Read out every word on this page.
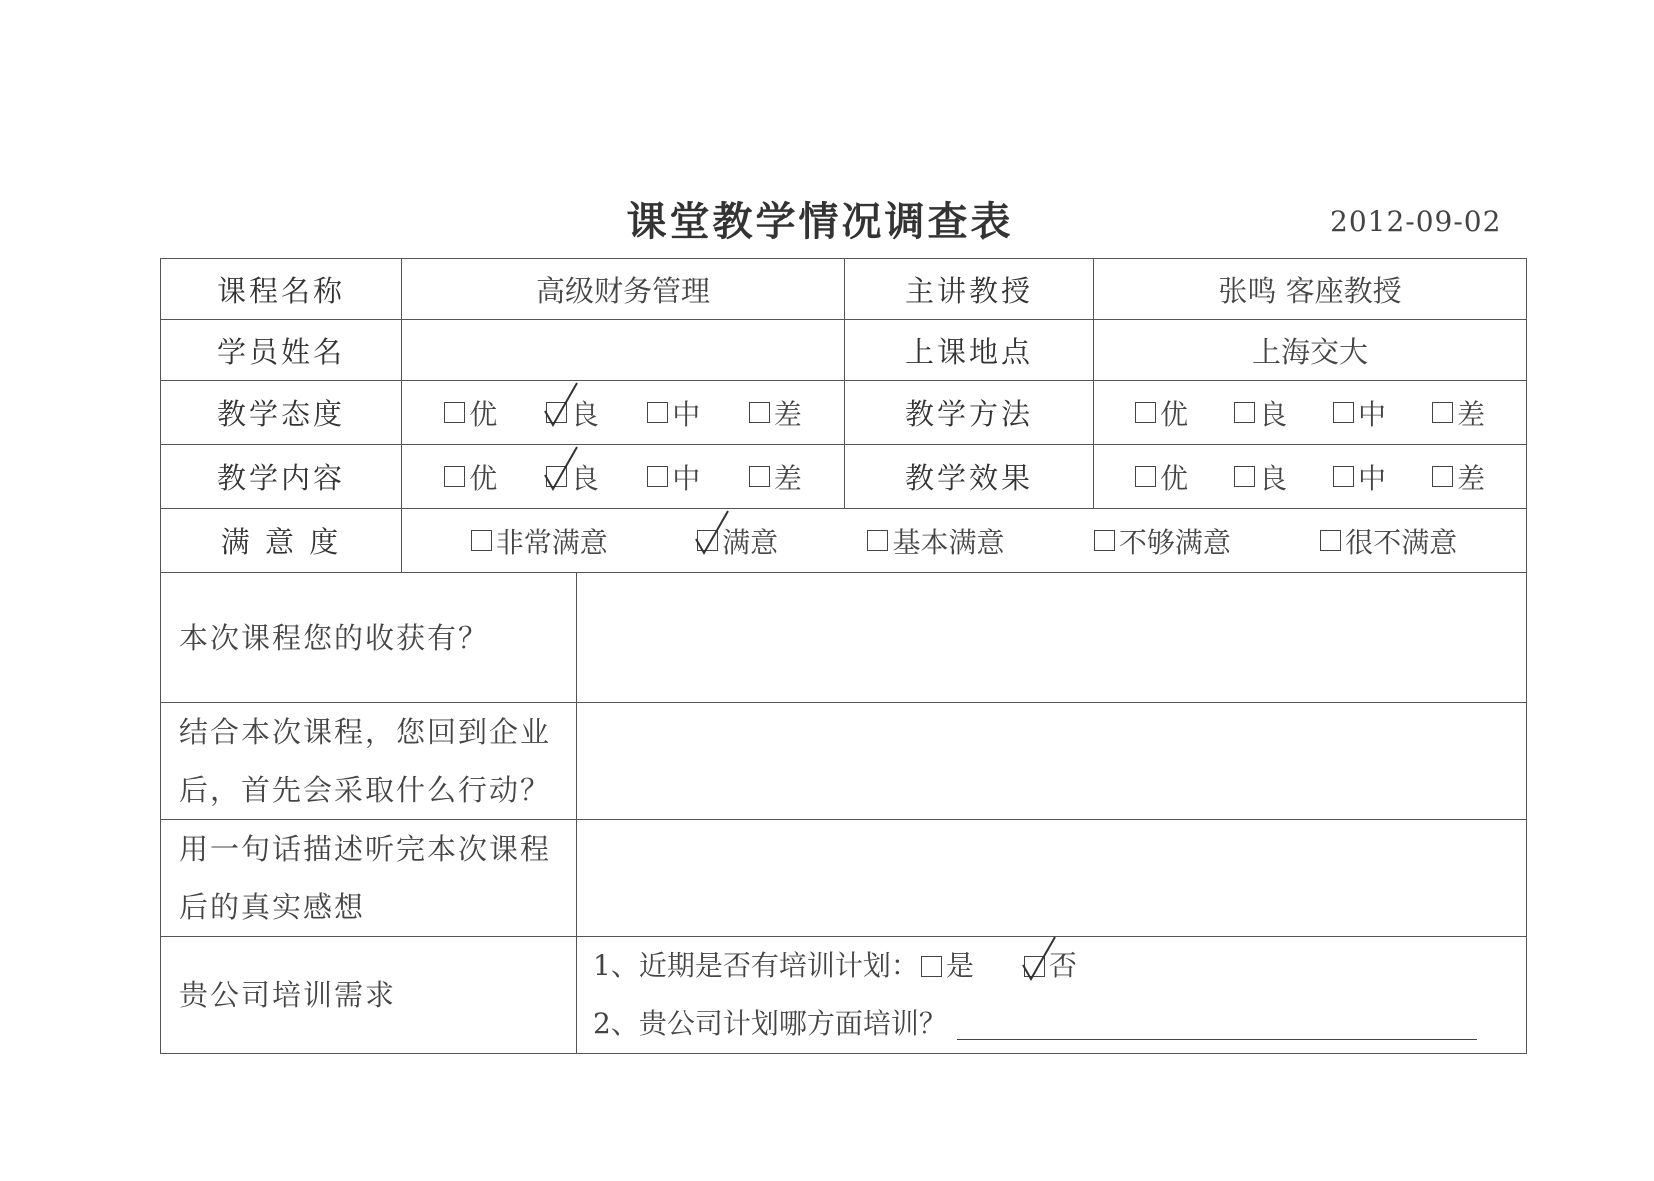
课堂教学情况调查表	2012-09-02
课程名称	高级财务管理		主讲教授	张鸣 客座教授
学员姓名			上课地点	上海交大
教学态度	优 良 中 差		教学方法	优 良 中 差

教学内容	优 良 中 差		教学效果	优 良 中 差

满 意 度	非常满意 满意 基本满意 不够满意 很不满意			

本次课程您的收获有？				

结合本次课程，您回到企业
后，首先会采取什么行动？				

用一句话描述听完本次课程
后的真实感想				

贵公司培训需求		1、近期是否有培训计划： 是 否
2、贵公司计划哪方面培训？		
